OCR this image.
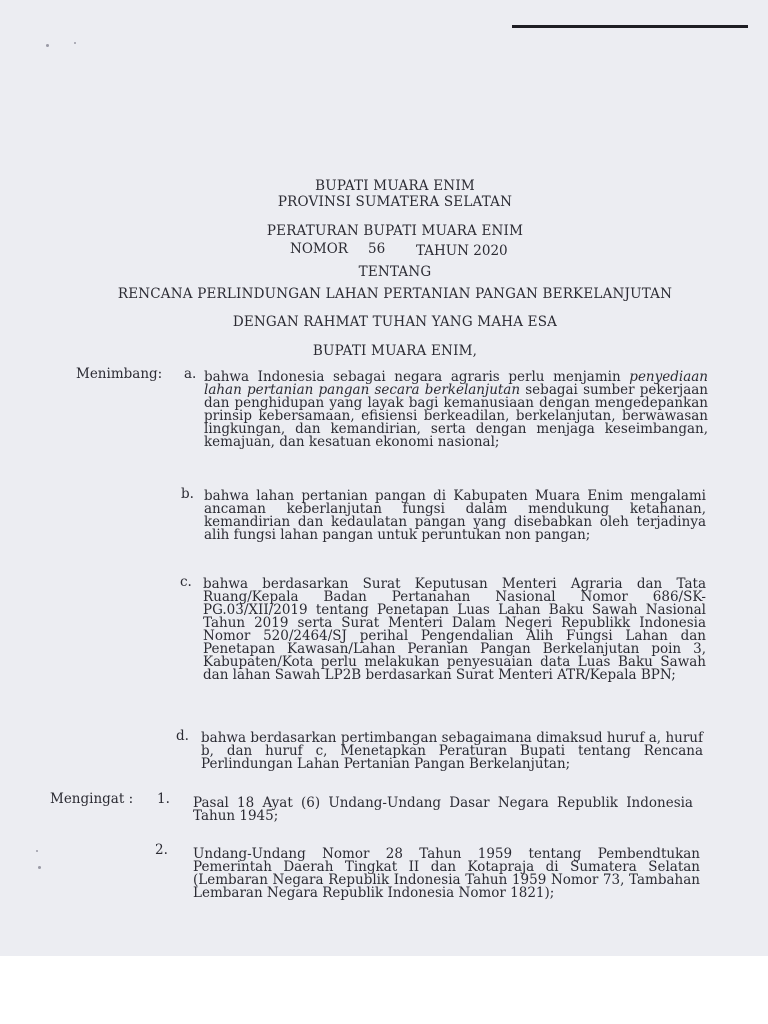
BUPATI MUARA ENIM
PROVINSI SUMATERA SELATAN
PERATURAN BUPATI MUARA ENIM
NOMOR 56 TAHUN 2020
TENTANG
RENCANA PERLINDUNGAN LAHAN PERTANIAN PANGAN BERKELANJUTAN
DENGAN RAHMAT TUHAN YANG MAHA ESA
BUPATI MUARA ENIM,
Menimbang: a. bahwa Indonesia sebagai negara agraris perlu menjamin penyediaan lahan pertanian pangan secara berkelanjutan sebagai sumber pekerjaan dan penghidupan yang layak bagi kemanusiaan dengan mengedepankan prinsip kebersamaan, efisiensi berkeadilan, berkelanjutan, berwawasan lingkungan, dan kemandirian, serta dengan menjaga keseimbangan, kemajuan, dan kesatuan ekonomi nasional;
b. bahwa lahan pertanian pangan di Kabupaten Muara Enim mengalami ancaman keberlanjutan fungsi dalam mendukung ketahanan, kemandirian dan kedaulatan pangan yang disebabkan oleh terjadinya alih fungsi lahan pangan untuk peruntukan non pangan;
c. bahwa berdasarkan Surat Keputusan Menteri Agraria dan Tata Ruang/Kepala Badan Pertanahan Nasional Nomor 686/SK-PG.03/XII/2019 tentang Penetapan Luas Lahan Baku Sawah Nasional Tahun 2019 serta Surat Menteri Dalam Negeri Republikk Indonesia Nomor 520/2464/SJ perihal Pengendalian Alih Fungsi Lahan dan Penetapan Kawasan/Lahan Peranian Pangan Berkelanjutan poin 3, Kabupaten/Kota perlu melakukan penyesuaian data Luas Baku Sawah dan lahan Sawah LP2B berdasarkan Surat Menteri ATR/Kepala BPN;
d. bahwa berdasarkan pertimbangan sebagaimana dimaksud huruf a, huruf b, dan huruf c, Menetapkan Peraturan Bupati tentang Rencana Perlindungan Lahan Pertanian Pangan Berkelanjutan;
Mengingat : 1. Pasal 18 Ayat (6) Undang-Undang Dasar Negara Republik Indonesia Tahun 1945;
2. Undang-Undang Nomor 28 Tahun 1959 tentang Pembendtukan Pemerintah Daerah Tingkat II dan Kotapraja di Sumatera Selatan (Lembaran Negara Republik Indonesia Tahun 1959 Nomor 73, Tambahan Lembaran Negara Republik Indonesia Nomor 1821);
